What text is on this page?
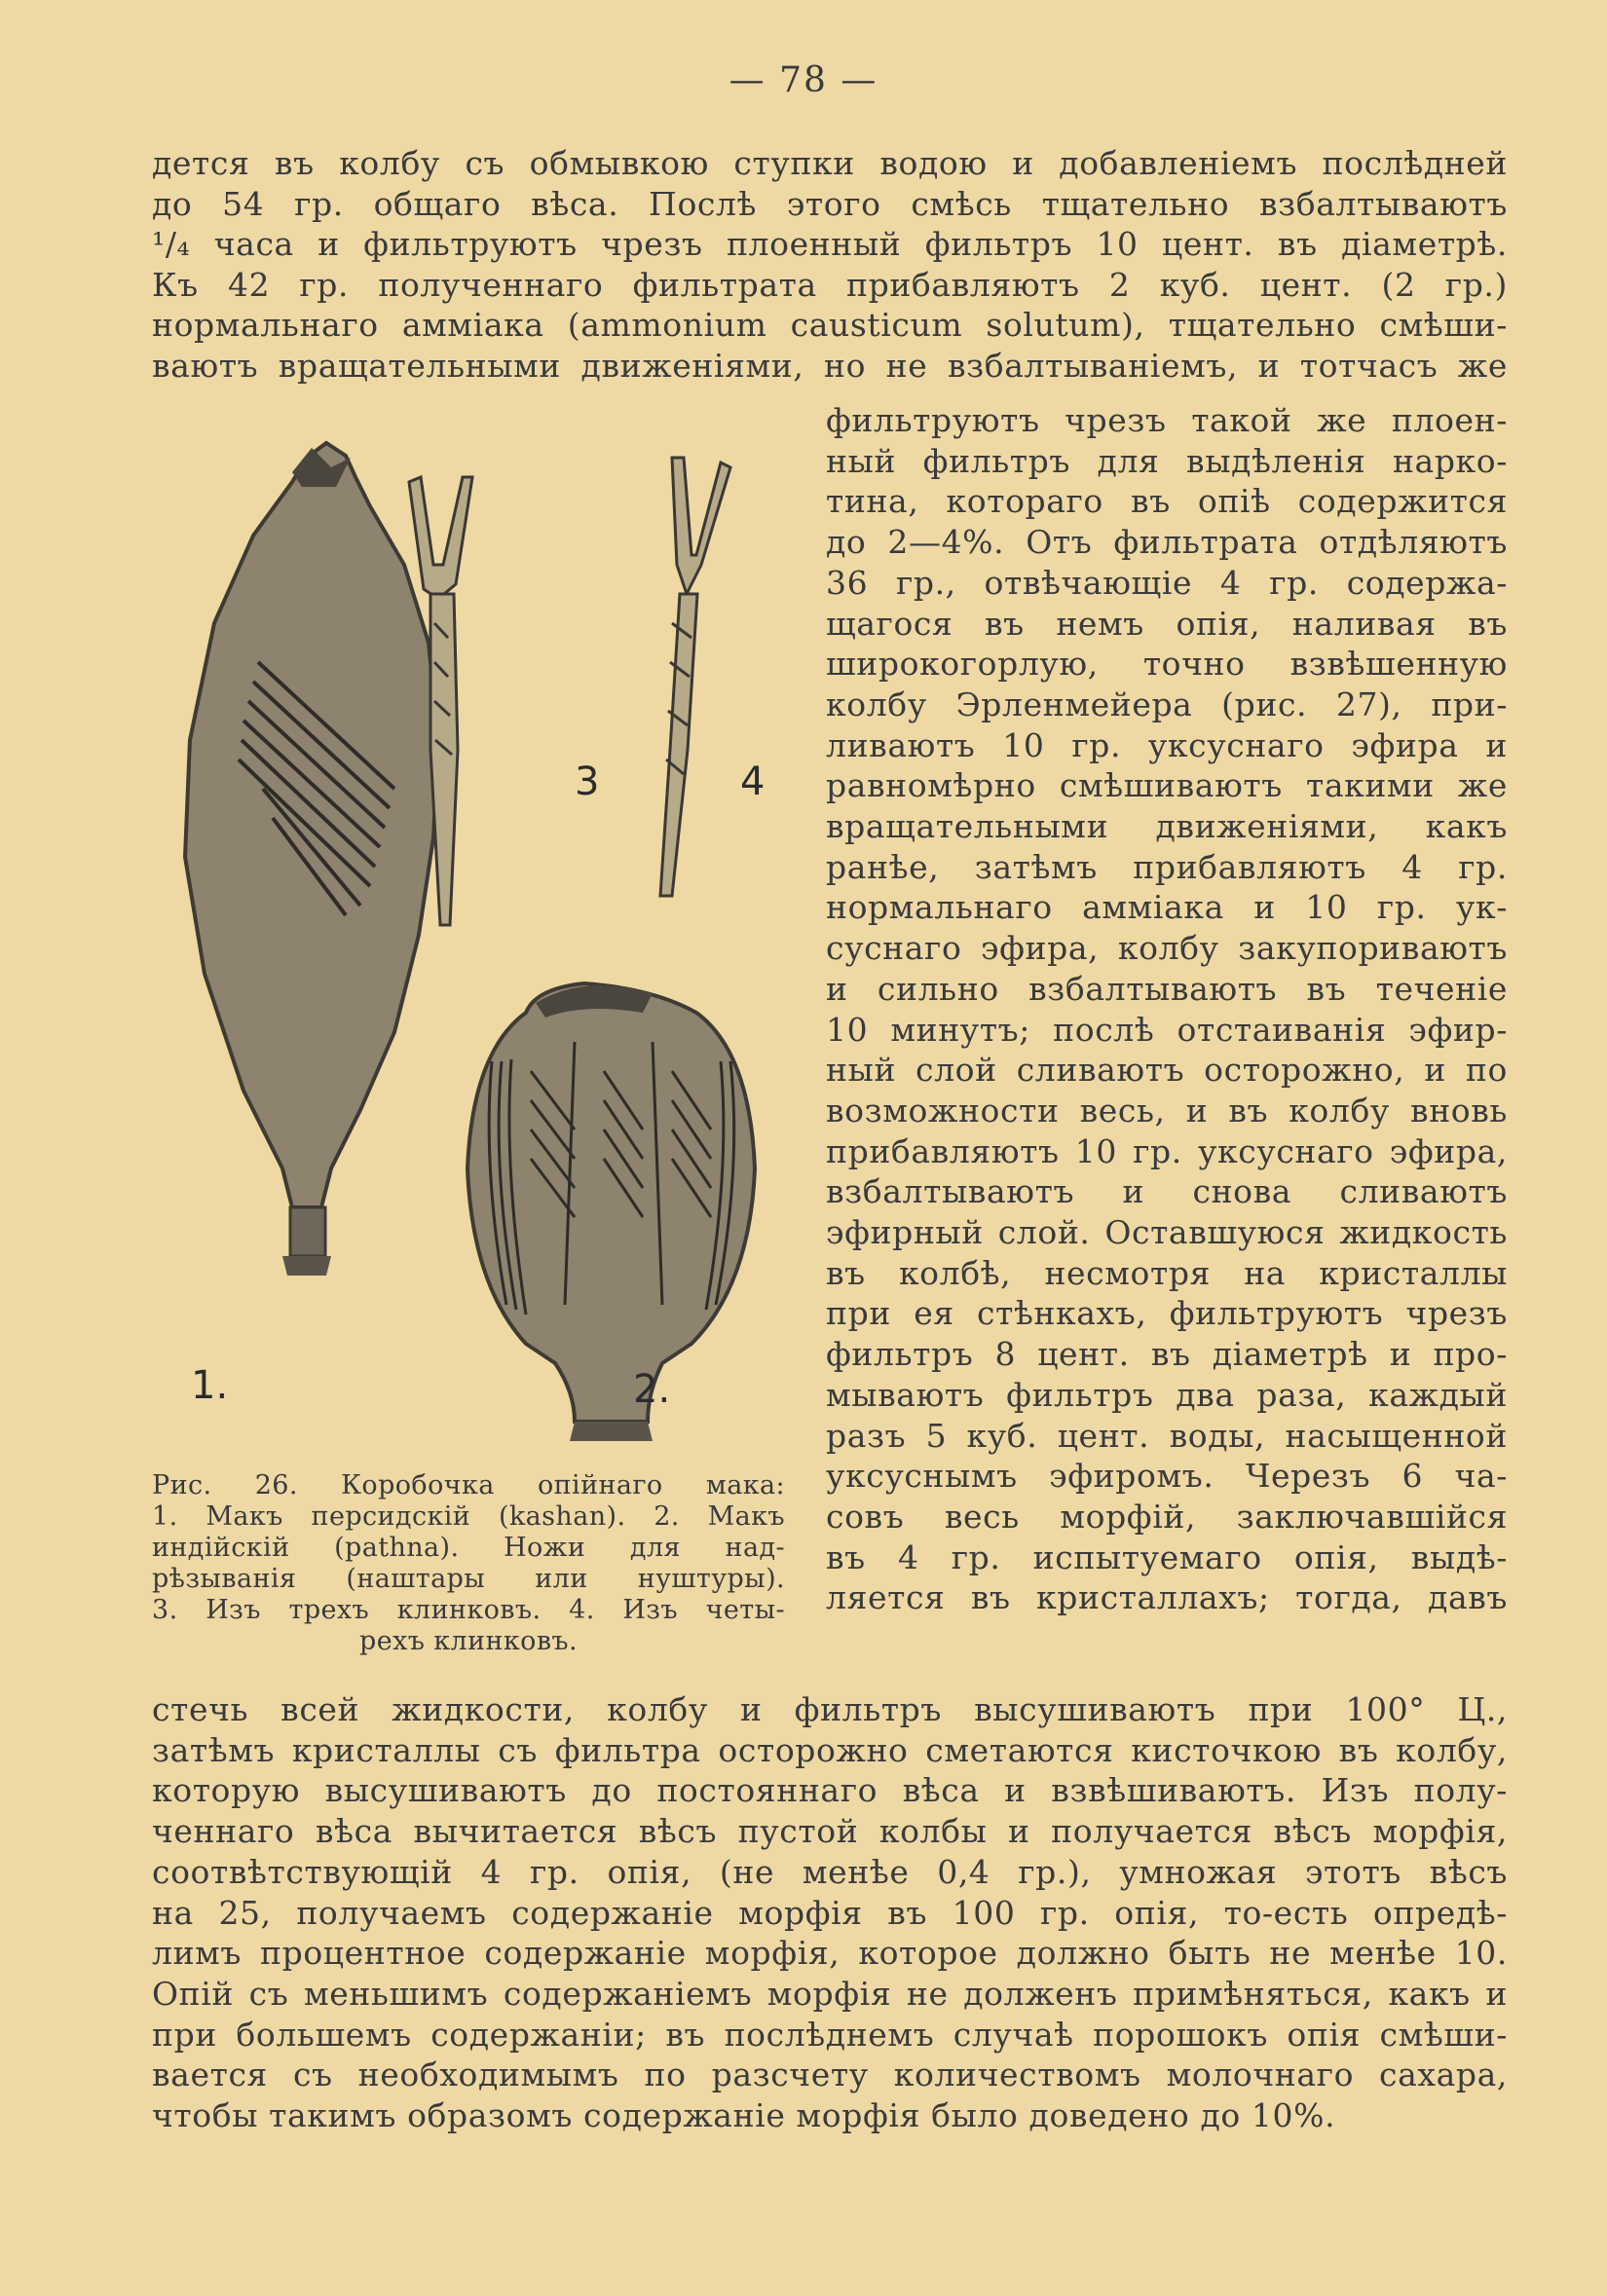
— 78 —
дется въ колбу съ обмывкою ступки водою и добавленіемъ послѣдней
до 54 гр. общаго вѣса. Послѣ этого смѣсь тщательно взбалтываютъ
¹/₄ часа и фильтруютъ чрезъ плоенный фильтръ 10 цент. въ діаметрѣ.
Къ 42 гр. полученнаго фильтрата прибавляютъ 2 куб. цент. (2 гр.)
нормальнаго амміака (ammonium causticum solutum), тщательно смѣши-
ваютъ вращательными движеніями, но не взбалтываніемъ, и тотчасъ же
фильтруютъ чрезъ такой же плоен-
ный фильтръ для выдѣленія нарко-
тина, котораго въ опіѣ содержится
до 2—4%. Отъ фильтрата отдѣляютъ
36 гр., отвѣчающіе 4 гр. содержа-
щагося въ немъ опія, наливая въ
широкогорлую, точно взвѣшенную
колбу Эрленмейера (рис. 27), при-
ливаютъ 10 гр. уксуснаго эфира и
равномѣрно смѣшиваютъ такими же
вращательными движеніями, какъ
ранѣе, затѣмъ прибавляютъ 4 гр.
нормальнаго амміака и 10 гр. ук-
суснаго эфира, колбу закупориваютъ
и сильно взбалтываютъ въ теченіе
10 минутъ; послѣ отстаиванія эфир-
ный слой сливаютъ осторожно, и по
возможности весь, и въ колбу вновь
прибавляютъ 10 гр. уксуснаго эфира,
взбалтываютъ и снова сливаютъ
эфирный слой. Оставшуюся жидкость
въ колбѣ, несмотря на кристаллы
при ея стѣнкахъ, фильтруютъ чрезъ
фильтръ 8 цент. въ діаметрѣ и про-
мываютъ фильтръ два раза, каждый
разъ 5 куб. цент. воды, насыщенной
уксуснымъ эфиромъ. Черезъ 6 ча-
совъ весь морфій, заключавшійся
въ 4 гр. испытуемаго опія, выдѣ-
ляется въ кристаллахъ; тогда, давъ
стечь всей жидкости, колбу и фильтръ высушиваютъ при 100° Ц.,
затѣмъ кристаллы съ фильтра осторожно сметаются кисточкою въ колбу,
которую высушиваютъ до постояннаго вѣса и взвѣшиваютъ. Изъ полу-
ченнаго вѣса вычитается вѣсъ пустой колбы и получается вѣсъ морфія,
соотвѣтствующій 4 гр. опія, (не менѣе 0,4 гр.), умножая этотъ вѣсъ
на 25, получаемъ содержаніе морфія въ 100 гр. опія, то-есть опредѣ-
лимъ процентное содержаніе морфія, которое должно быть не менѣе 10.
Опій съ меньшимъ содержаніемъ морфія не долженъ примѣняться, какъ и
при большемъ содержаніи; въ послѣднемъ случаѣ порошокъ опія смѣши-
вается съ необходимымъ по разсчету количествомъ молочнаго сахара,
чтобы такимъ образомъ содержаніе морфія было доведено до 10%.
1.	2.
3	4
Рис. 26. Коробочка опійнаго мака:
1. Макъ персидскій (kashan). 2. Макъ
индійскій (pathna). Ножи для над-
рѣзыванія (наштары или нуштуры).
3. Изъ трехъ клинковъ. 4. Изъ четы-
рехъ клинковъ.
